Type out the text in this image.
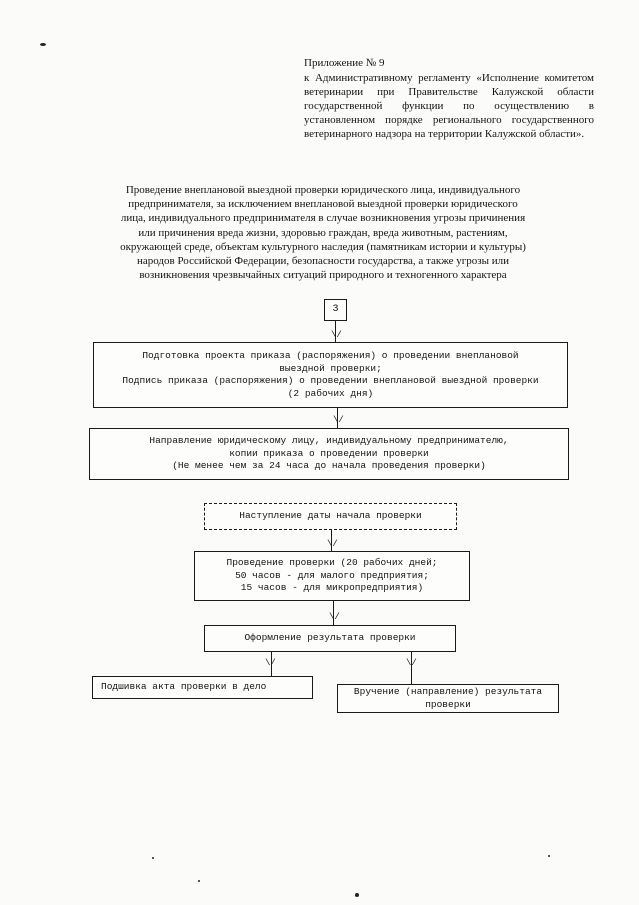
Приложение № 9
к Административному регламенту «Исполнение комитетом ветеринарии при Правительстве Калужской области государственной функции по осуществлению в установленном порядке регионального государственного ветеринарного надзора на территории Калужской области».
Проведение внеплановой выездной проверки юридического лица, индивидуального
предпринимателя, за исключением внеплановой выездной проверки юридического
лица, индивидуального предпринимателя в случае возникновения угрозы причинения
или причинения вреда жизни, здоровью граждан, вреда животным, растениям,
окружающей среде, объектам культурного наследия (памятникам истории и культуры)
народов Российской Федерации, безопасности государства, а также угрозы или
возникновения чрезвычайных ситуаций природного и техногенного характера
3
\/
Подготовка проекта приказа (распоряжения) о проведении внеплановой
выездной проверки;
Подпись приказа (распоряжения) о проведении внеплановой выездной проверки
(2 рабочих дня)
\/
Направление юридическому лицу, индивидуальному предпринимателю,
копии приказа о проведении проверки
(Не менее чем за 24 часа до начала проведения проверки)
Наступление даты начала проверки
\/
Проведение проверки (20 рабочих дней;
50 часов - для малого предприятия;
15 часов - для микропредприятия)
\/
Оформление результата проверки
\/	\/
Подшивка акта проверки в дело	Вручение (направление) результата
проверки
